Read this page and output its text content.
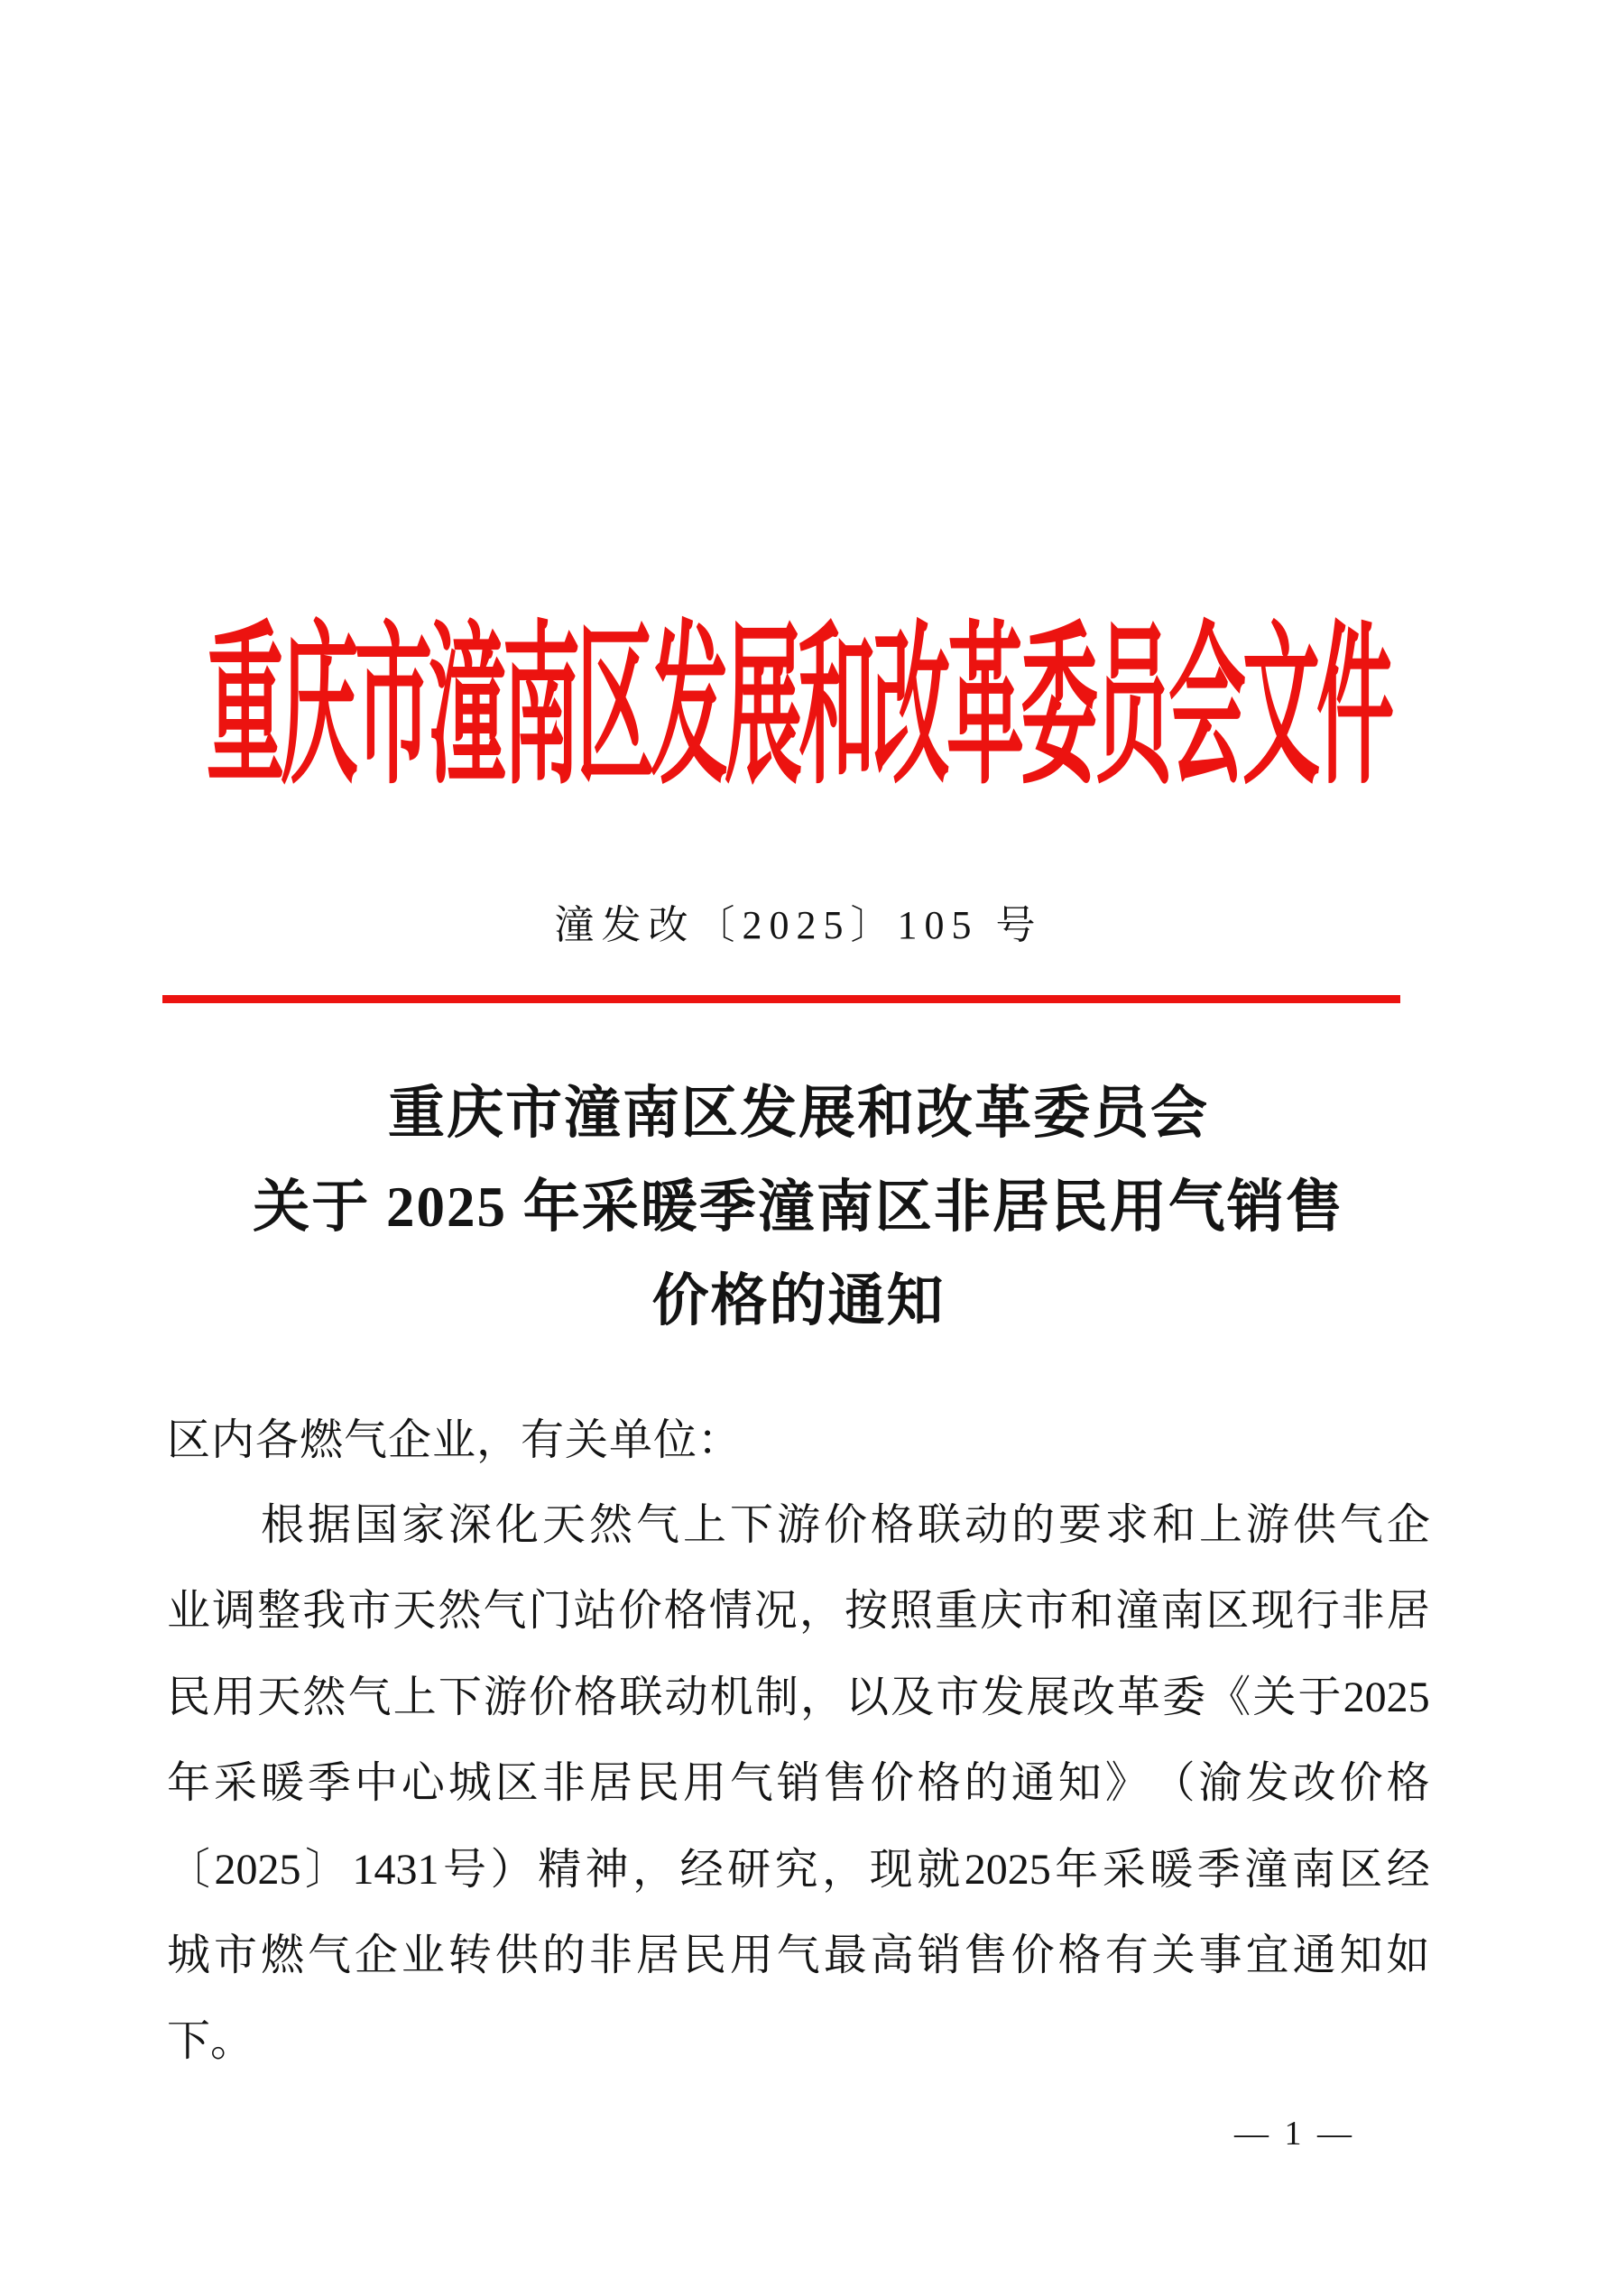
重庆市潼南区发展和改革委员会文件
潼发改〔2025〕105 号
重庆市潼南区发展和改革委员会
关于 2025 年采暖季潼南区非居民用气销售
价格的通知
区内各燃气企业，有关单位：
根 据 国 家 深 化 天 然 气 上 下 游 价 格 联 动 的 要 求 和 上 游 供 气 企
业 调 整 我 市 天 然 气 门 站 价 格 情 况 ， 按 照 重 庆 市 和 潼 南 区 现 行 非 居
民 用 天 然 气 上 下 游 价 格 联 动 机 制 ， 以 及 市 发 展 改 革 委 《 关 于 2025
年 采 暖 季 中 心 城 区 非 居 民 用 气 销 售 价 格 的 通 知 》 （ 渝 发 改 价 格
〔 2025 〕 1431 号 ） 精 神 ， 经 研 究 ， 现 就 2025 年 采 暖 季 潼 南 区 经
城 市 燃 气 企 业 转 供 的 非 居 民 用 气 最 高 销 售 价 格 有 关 事 宜 通 知 如
下。
— 1 —
